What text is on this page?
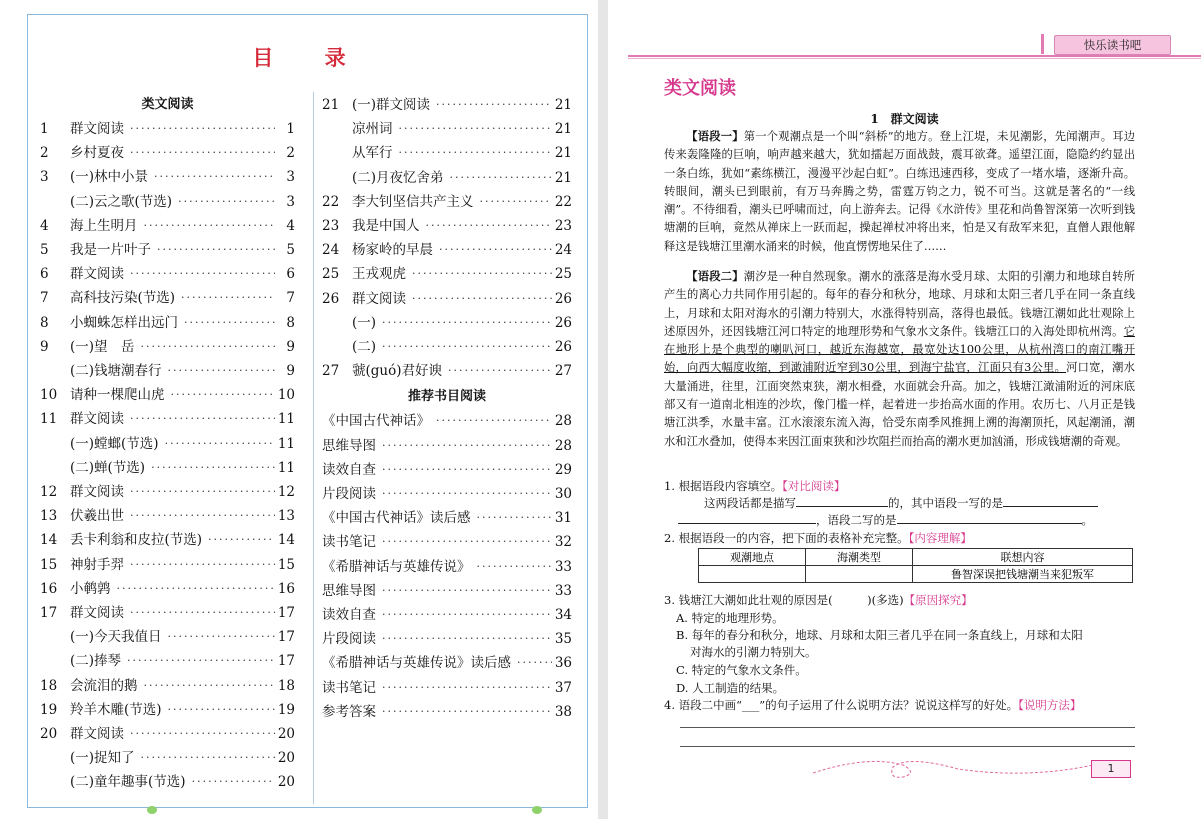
目 录
类文阅读
1	群文阅读 ·····	1
2	乡村夏夜 ·····	2
3	(一)林中小景 ·····	3
(二)云之歌(节选) ·····	3
4	海上生明月 ·····	4
5	我是一片叶子 ·····	5
6	群文阅读 ·····	6
7	高科技污染(节选) ·····	7
8	小蜘蛛怎样出远门 ·····	8
9	(一)望　岳 ·····	9
(二)钱塘潮春行 ·····	9
10 请种一棵爬山虎 ·····	10
11 群文阅读 ·····	11
(一)螳螂(节选) ·····	11
(二)蝉(节选) ·····	11
12 群文阅读 ·····	12
13 伏羲出世 ·····	13
14 丢卡利翁和皮拉(节选) ·····	14
15 神射手羿 ·····	15
16 小鹌鹑 ·····	16
17 群文阅读 ·····	17
(一)今天我值日 ·····	17
(二)捧琴 ·····	17
18 会流泪的鹅 ·····	18
19 羚羊木雕(节选) ·····	19
20 群文阅读 ·····	20
(一)捉知了 ·····	20
(二)童年趣事(节选) ·····	20
21 (一)群文阅读 ·····	21
凉州词 ·····	21
从军行 ·····	21
(二)月夜忆舍弟 ·····	21
22 李大钊坚信共产主义 ·····	22
23 我是中国人 ·····	23
24 杨家岭的早晨 ·····	24
25 王戎观虎 ·····	25
26 群文阅读 ·····	26
(一) ·····	26
(二) ·····	26
27 虢(guó)君好谀 ·····	27
推荐书目阅读
《中国古代神话》 ·····	28
思维导图 ·····	28
读效自查 ·····	29
片段阅读 ·····	30
《中国古代神话》读后感 ·····	31
读书笔记 ·····	32
《希腊神话与英雄传说》 ·····	33
思维导图 ·····	33
读效自查 ·····	34
片段阅读 ·····	35
《希腊神话与英雄传说》读后感 ·····	36
读书笔记 ·····	37
参考答案 ·····	38
快乐读书吧
类文阅读
1　群文阅读
【语段一】第一个观潮点是一个叫“斜桥”的地方。登上江堤，未见潮影，先闻潮声。耳边传来轰隆隆的巨响，响声越来越大，犹如擂起万面战鼓，震耳欲聋。遥望江面，隐隐约约显出一条白练，犹如“素练横江，漫漫平沙起白虹”。白练迅速西移，变成了一堵水墙，逐渐升高。转眼间，潮头已到眼前，有万马奔腾之势，雷霆万钧之力，锐不可当。这就是著名的“一线潮”。不待细看，潮头已呼啸而过，向上游奔去。记得《水浒传》里花和尚鲁智深第一次听到钱塘潮的巨响，竟然从禅床上一跃而起，操起禅杖冲将出来，怕是又有敌军来犯，直僧人跟他解释这是钱塘江里潮水涌来的时候，他直愣愣地呆住了……
【语段二】潮汐是一种自然现象。潮水的涨落是海水受月球、太阳的引潮力和地球自转所产生的离心力共同作用引起的。每年的春分和秋分，地球、月球和太阳三者几乎在同一条直线上，月球和太阳对海水的引潮力特别大，水涨得特别高，落得也最低。钱塘江潮如此壮观除上述原因外，还因钱塘江河口特定的地理形势和气象水文条件。钱塘江口的入海处即杭州湾。它在地形上是个典型的喇叭河口，越近东海越宽，最宽处达100公里，从杭州湾口的南江嘴开始，向西大幅度收缩，到澉浦附近窄到30公里，到海宁盐官，江面只有3公里。河口宽，潮水大量涌进，往里，江面突然束狭，潮水相叠，水面就会升高。加之，钱塘江澉浦附近的河床底部又有一道南北相连的沙坎，像门槛一样，起着进一步抬高水面的作用。农历七、八月正是钱塘江洪季，水量丰富。江水滚滚东流入海，恰受东南季风推拥上溯的海潮顶托，风起潮涌，潮水和江水叠加，使得本来因江面束狭和沙坎阻拦而抬高的潮水更加汹涌，形成钱塘潮的奇观。
1. 根据语段内容填空。【对比阅读】
这两段话都是描写	的，其中语段一写的是
，语段二写的是	。
2. 根据语段一的内容，把下面的表格补充完整。【内容理解】
观潮地点	海潮类型	联想内容
		鲁智深误把钱塘潮当来犯叛军
3. 钱塘江大潮如此壮观的原因是(　　　)(多选)【原因探究】
A. 特定的地理形势。
B. 每年的春分和秋分，地球、月球和太阳三者几乎在同一条直线上，月球和太阳
对海水的引潮力特别大。
C. 特定的气象水文条件。
D. 人工制造的结果。
4. 语段二中画“___”的句子运用了什么说明方法？说说这样写的好处。【说明方法】
1
